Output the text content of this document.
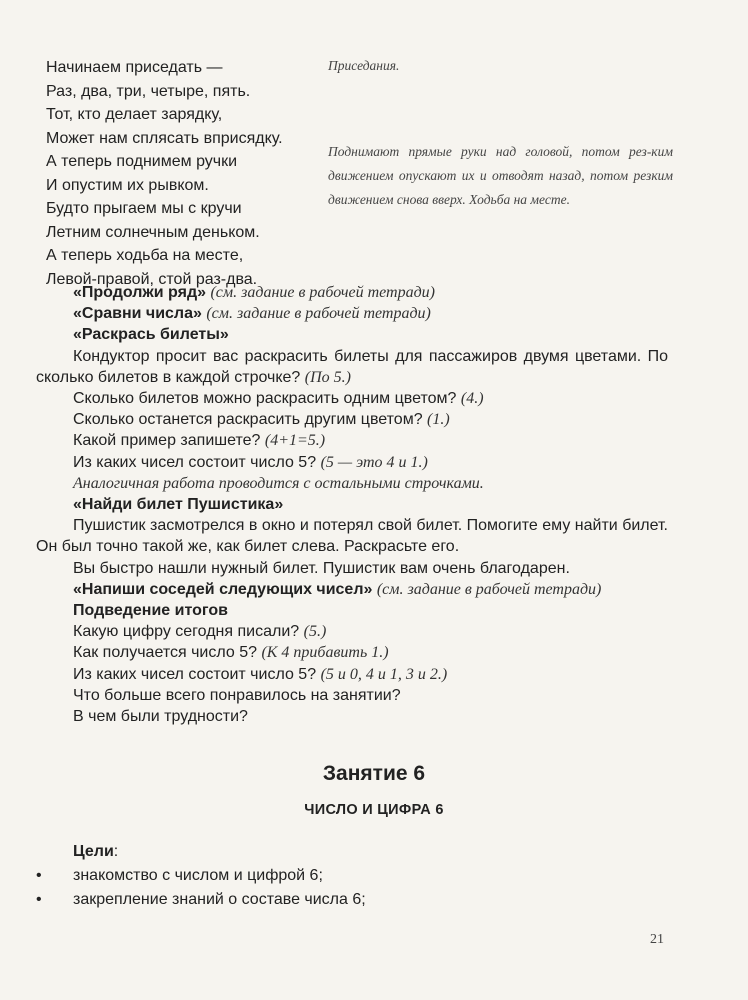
Начинаем приседать —
Раз, два, три, четыре, пять.
Тот, кто делает зарядку,
Может нам сплясать вприсядку.
А теперь поднимем ручки
И опустим их рывком.
Будто прыгаем мы с кручи
Летним солнечным деньком.
А теперь ходьба на месте,
Левой-правой, стой раз-два.
Приседания.
Поднимают прямые руки над головой, потом рез-ким движением опускают их и отводят назад, потом резким движением снова вверх. Ходьба на месте.
«Продолжи ряд» (см. задание в рабочей тетради)
«Сравни числа» (см. задание в рабочей тетради)
«Раскрась билеты»
Кондуктор просит вас раскрасить билеты для пассажиров двумя цветами. По сколько билетов в каждой строчке? (По 5.)
Сколько билетов можно раскрасить одним цветом? (4.)
Сколько останется раскрасить другим цветом? (1.)
Какой пример запишете? (4+1=5.)
Из каких чисел состоит число 5? (5 — это 4 и 1.)
Аналогичная работа проводится с остальными строчками.
«Найди билет Пушистика»
Пушистик засмотрелся в окно и потерял свой билет. Помогите ему найти билет. Он был точно такой же, как билет слева. Раскрасьте его.
Вы быстро нашли нужный билет. Пушистик вам очень благодарен.
«Напиши соседей следующих чисел» (см. задание в рабочей тетради)
Подведение итогов
Какую цифру сегодня писали? (5.)
Как получается число 5? (К 4 прибавить 1.)
Из каких чисел состоит число 5? (5 и 0, 4 и 1, 3 и 2.)
Что больше всего понравилось на занятии?
В чем были трудности?
Занятие 6
ЧИСЛО И ЦИФРА 6
Цели:
• знакомство с числом и цифрой 6;
• закрепление знаний о составе числа 6;
21
